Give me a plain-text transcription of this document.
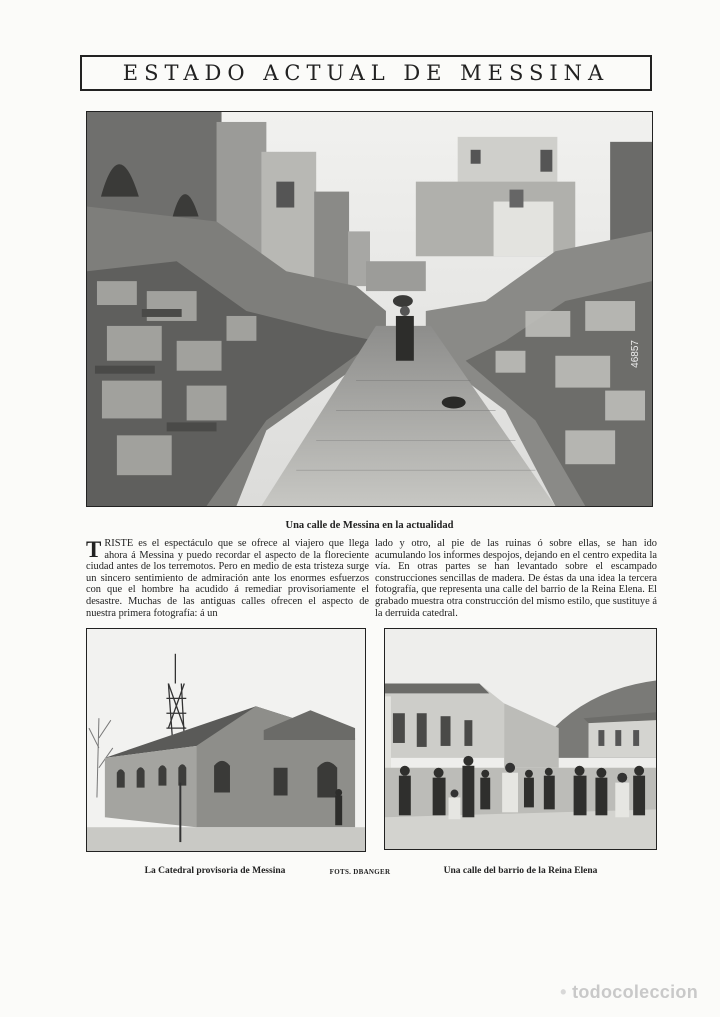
ESTADO ACTUAL DE MESSINA
46857
Una calle de Messina en la actualidad

TRISTE es el espectáculo que se ofrece al viajero que llega ahora á Messina y puedo recordar el aspecto de la floreciente ciudad antes de los terremotos. Pero en medio de esta tristeza surge un sincero sentimiento de admiración ante los enormes esfuerzos con que el hombre ha acudido á remediar provisoriamente el desastre. Muchas de las antiguas calles ofrecen el aspecto de nuestra primera fotografía: á un

lado y otro, al pie de las ruinas ó sobre ellas, se han ido acumulando los informes despojos, dejando en el centro expedita la vía. En otras partes se han levantado sobre el escampado construcciones sencillas de madera. De éstas da una idea la tercera fotografía, que representa una calle del barrio de la Reina Elena. El grabado muestra otra construcción del mismo estilo, que sustituye á la derruida catedral.

La Catedral provisoria de Messina	FOTS. DBANGER	Una calle del barrio de la Reina Elena
• todocoleccion
